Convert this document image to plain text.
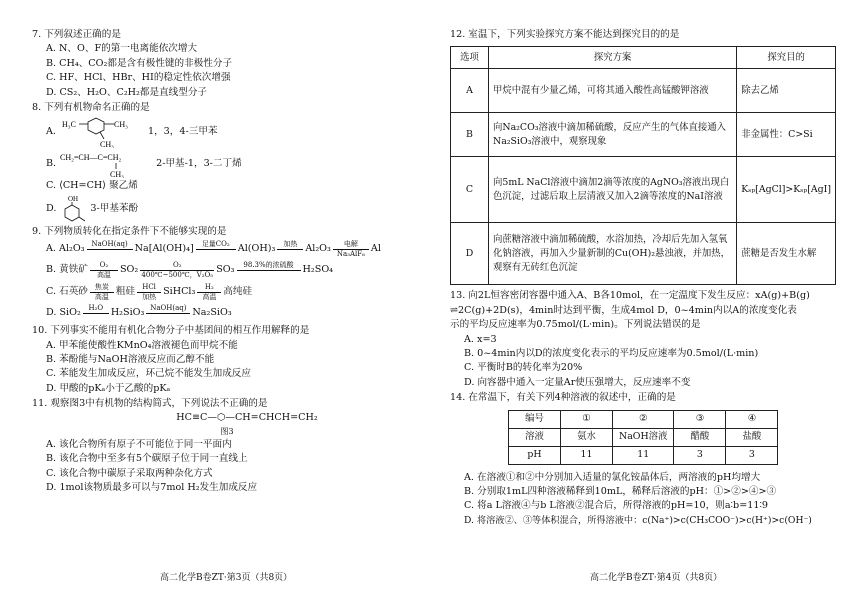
7. 下列叙述正确的是
A. N、O、F的第一电离能依次增大
B. CH₄、CO₂都是含有极性键的非极性分子
C. HF、HCl、HBr、HI的稳定性依次增强
D. CS₂、H₂O、C₂H₂都是直线型分子
8. 下列有机物命名正确的是
A.
H₃C	CH₃
CH₃
1，3，4-三甲苯
B.
CH₂=CH—C=CH₂
CH₃
2-甲基-1，3-二丁烯
C. ⟨CH=CH⟩ 聚乙烯
D.
OH
3-甲基苯酚
9. 下列物质转化在指定条件下不能够实现的是
A. Al₂O₃ NaOH(aq)
Na[Al(OH)₄]	足量CO₂
Al(OH)₃	加热
Al₂O₃	电解
Na₃AlF₆ Al
B. 黄铁矿	O₂
高温 SO₂	O₂
400℃~500℃，V₂O₅ SO₃	98.3%的浓硫酸
H₂SO₄
C. 石英砂	焦炭
高温 粗硅	HCl
加热 SiHCl₃	H₂
高温 高纯硅
D. SiO₂	H₂O
H₂SiO₃ NaOH(aq)
Na₂SiO₃
10. 下列事实不能用有机化合物分子中基团间的相互作用解释的是
A. 甲苯能使酸性KMnO₄溶液褪色而甲烷不能
B. 苯酚能与NaOH溶液反应而乙醇不能
C. 苯能发生加成反应，环己烷不能发生加成反应
D. 甲酸的pKₐ小于乙酸的pKₐ
11. 观察图3中有机物的结构简式，下列说法不正确的是
HC≡C—⬡—CH=CHCH=CH₂
图3
A. 该化合物所有原子不可能位于同一平面内
B. 该化合物中至多有5个碳原子位于同一直线上
C. 该化合物中碳原子采取两种杂化方式
D. 1mol该物质最多可以与7mol H₂发生加成反应
12. 室温下，下列实验探究方案不能达到探究目的的是
选项	探究方案	探究目的
A	甲烷中混有少量乙烯，可将其通入酸性高锰酸钾溶液	除去乙烯
B	向Na₂CO₃溶液中滴加稀硫酸，反应产生的气体直接通入Na₂SiO₃溶液中，观察现象	非金属性：C>Si
C	向5mL NaCl溶液中滴加2滴等浓度的AgNO₃溶液出现白色沉淀，过滤后取上层清液又加入2滴等浓度的NaI溶液	Kₛₚ[AgCl]>Kₛₚ[AgI]
D	向蔗糖溶液中滴加稀硫酸，水浴加热，冷却后先加入氢氧化钠溶液，再加入少量新制的Cu(OH)₂悬浊液，并加热，观察有无砖红色沉淀	蔗糖是否发生水解
13. 向2L恒容密闭容器中通入A、B各10mol，在一定温度下发生反应：xA(g)+B(g)
⇌2C(g)+2D(s)，4min时达到平衡，生成4mol D，0~4min内以A的浓度变化表
示的平均反应速率为0.75mol/(L·min)。下列说法错误的是
A. x=3
B. 0~4min内以D的浓度变化表示的平均反应速率为0.5mol/(L·min)
C. 平衡时B的转化率为20%
D. 向容器中通入一定量Ar使压强增大，反应速率不变
14. 在常温下，有关下列4种溶液的叙述中，正确的是
编号	①	②	③	④
溶液	氨水	NaOH溶液	醋酸	盐酸
pH	11	11	3	3
A. 在溶液①和②中分别加入适量的氯化铵晶体后，两溶液的pH均增大
B. 分别取1mL四种溶液稀释到10mL，稀释后溶液的pH：①>②>④>③
C. 将a L溶液④与b L溶液②混合后，所得溶液的pH=10，则a∶b=11∶9
D. 将溶液②、③等体积混合，所得溶液中：c(Na⁺)>c(CH₃COO⁻)>c(H⁺)>c(OH⁻)
高二化学B卷ZT·第3页（共8页）	高二化学B卷ZT·第4页（共8页）
